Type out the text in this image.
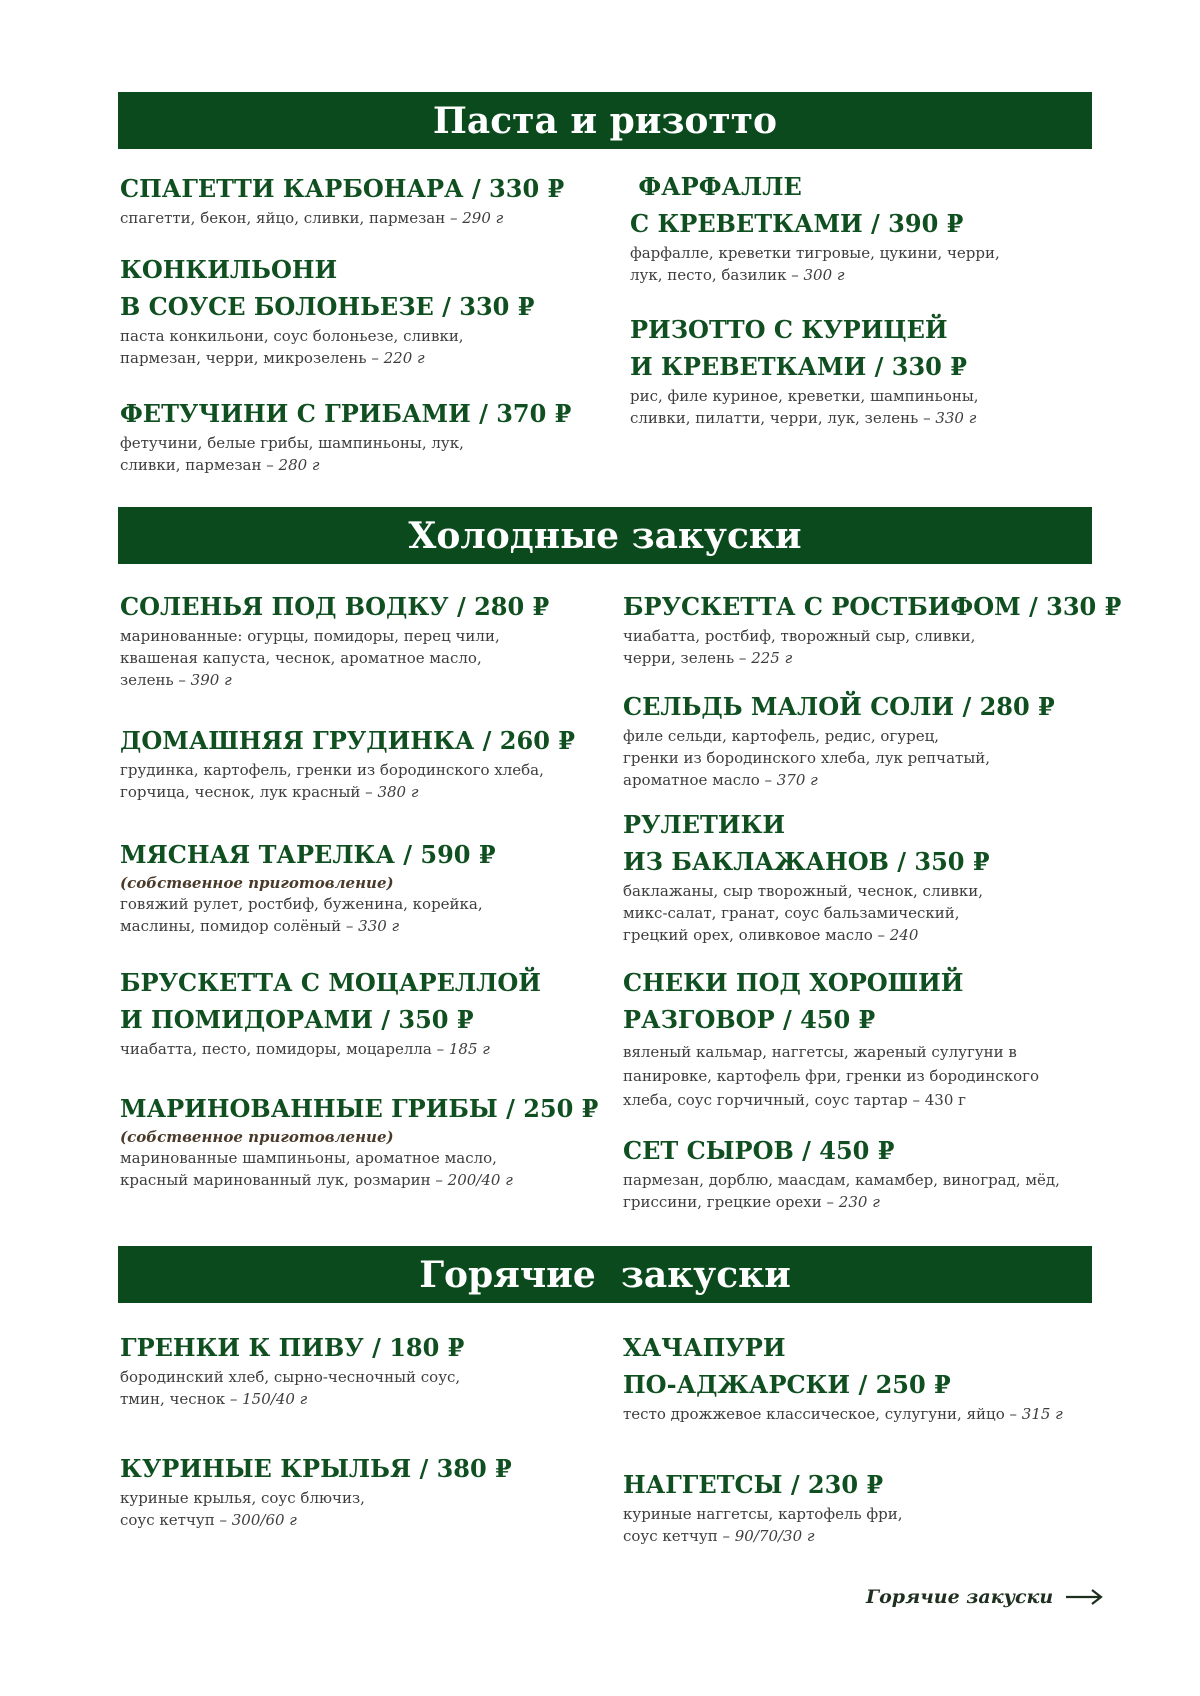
Паста и ризотто
СПАГЕТТИ КАРБОНАРА / 330 ₽
спагетти, бекон, яйцо, сливки, пармезан – 290 г
КОНКИЛЬОНИ
В СОУСЕ БОЛОНЬЕЗЕ / 330 ₽
паста конкильони, соус болоньезе, сливки,
пармезан, черри, микрозелень – 220 г
ФЕТУЧИНИ С ГРИБАМИ / 370 ₽
фетучини, белые грибы, шампиньоны, лук,
сливки, пармезан – 280 г
ФАРФАЛЛЕ
С КРЕВЕТКАМИ / 390 ₽
фарфалле, креветки тигровые, цукини, черри,
лук, песто, базилик – 300 г
РИЗОТТО С КУРИЦЕЙ
И КРЕВЕТКАМИ / 330 ₽
рис, филе куриное, креветки, шампиньоны,
сливки, пилатти, черри, лук, зелень – 330 г
Холодные закуски
СОЛЕНЬЯ ПОД ВОДКУ / 280 ₽
маринованные: огурцы, помидоры, перец чили,
квашеная капуста, чеснок, ароматное масло,
зелень – 390 г
ДОМАШНЯЯ ГРУДИНКА / 260 ₽
грудинка, картофель, гренки из бородинского хлеба,
горчица, чеснок, лук красный – 380 г
МЯСНАЯ ТАРЕЛКА / 590 ₽
(собственное приготовление)
говяжий рулет, ростбиф, буженина, корейка,
маслины, помидор солёный – 330 г
БРУСКЕТТА С МОЦАРЕЛЛОЙ
И ПОМИДОРАМИ / 350 ₽
чиабатта, песто, помидоры, моцарелла – 185 г
МАРИНОВАННЫЕ ГРИБЫ / 250 ₽
(собственное приготовление)
маринованные шампиньоны, ароматное масло,
красный маринованный лук, розмарин – 200/40 г
БРУСКЕТТА С РОСТБИФОМ / 330 ₽
чиабатта, ростбиф, творожный сыр, сливки,
черри, зелень – 225 г
СЕЛЬДЬ МАЛОЙ СОЛИ / 280 ₽
филе сельди, картофель, редис, огурец,
гренки из бородинского хлеба, лук репчатый,
ароматное масло – 370 г
РУЛЕТИКИ
ИЗ БАКЛАЖАНОВ / 350 ₽
баклажаны, сыр творожный, чеснок, сливки,
микс-салат, гранат, соус бальзамический,
грецкий орех, оливковое масло – 240
СНЕКИ ПОД ХОРОШИЙ
РАЗГОВОР / 450 ₽
вяленый кальмар, наггетсы, жареный сулугуни в
панировке, картофель фри, гренки из бородинского
хлеба, соус горчичный, соус тартар – 430 г
СЕТ СЫРОВ / 450 ₽
пармезан, дорблю, маасдам, камамбер, виноград, мёд,
гриссини, грецкие орехи – 230 г
Горячие  закуски
ГРЕНКИ К ПИВУ / 180 ₽
бородинский хлеб, сырно-чесночный соус,
тмин, чеснок – 150/40 г
КУРИНЫЕ КРЫЛЬЯ / 380 ₽
куриные крылья, соус блючиз,
соус кетчуп – 300/60 г
ХАЧАПУРИ
ПО-АДЖАРСКИ / 250 ₽
тесто дрожжевое классическое, сулугуни, яйцо – 315 г
НАГГЕТСЫ / 230 ₽
куриные наггетсы, картофель фри,
соус кетчуп – 90/70/30 г
Горячие закуски
